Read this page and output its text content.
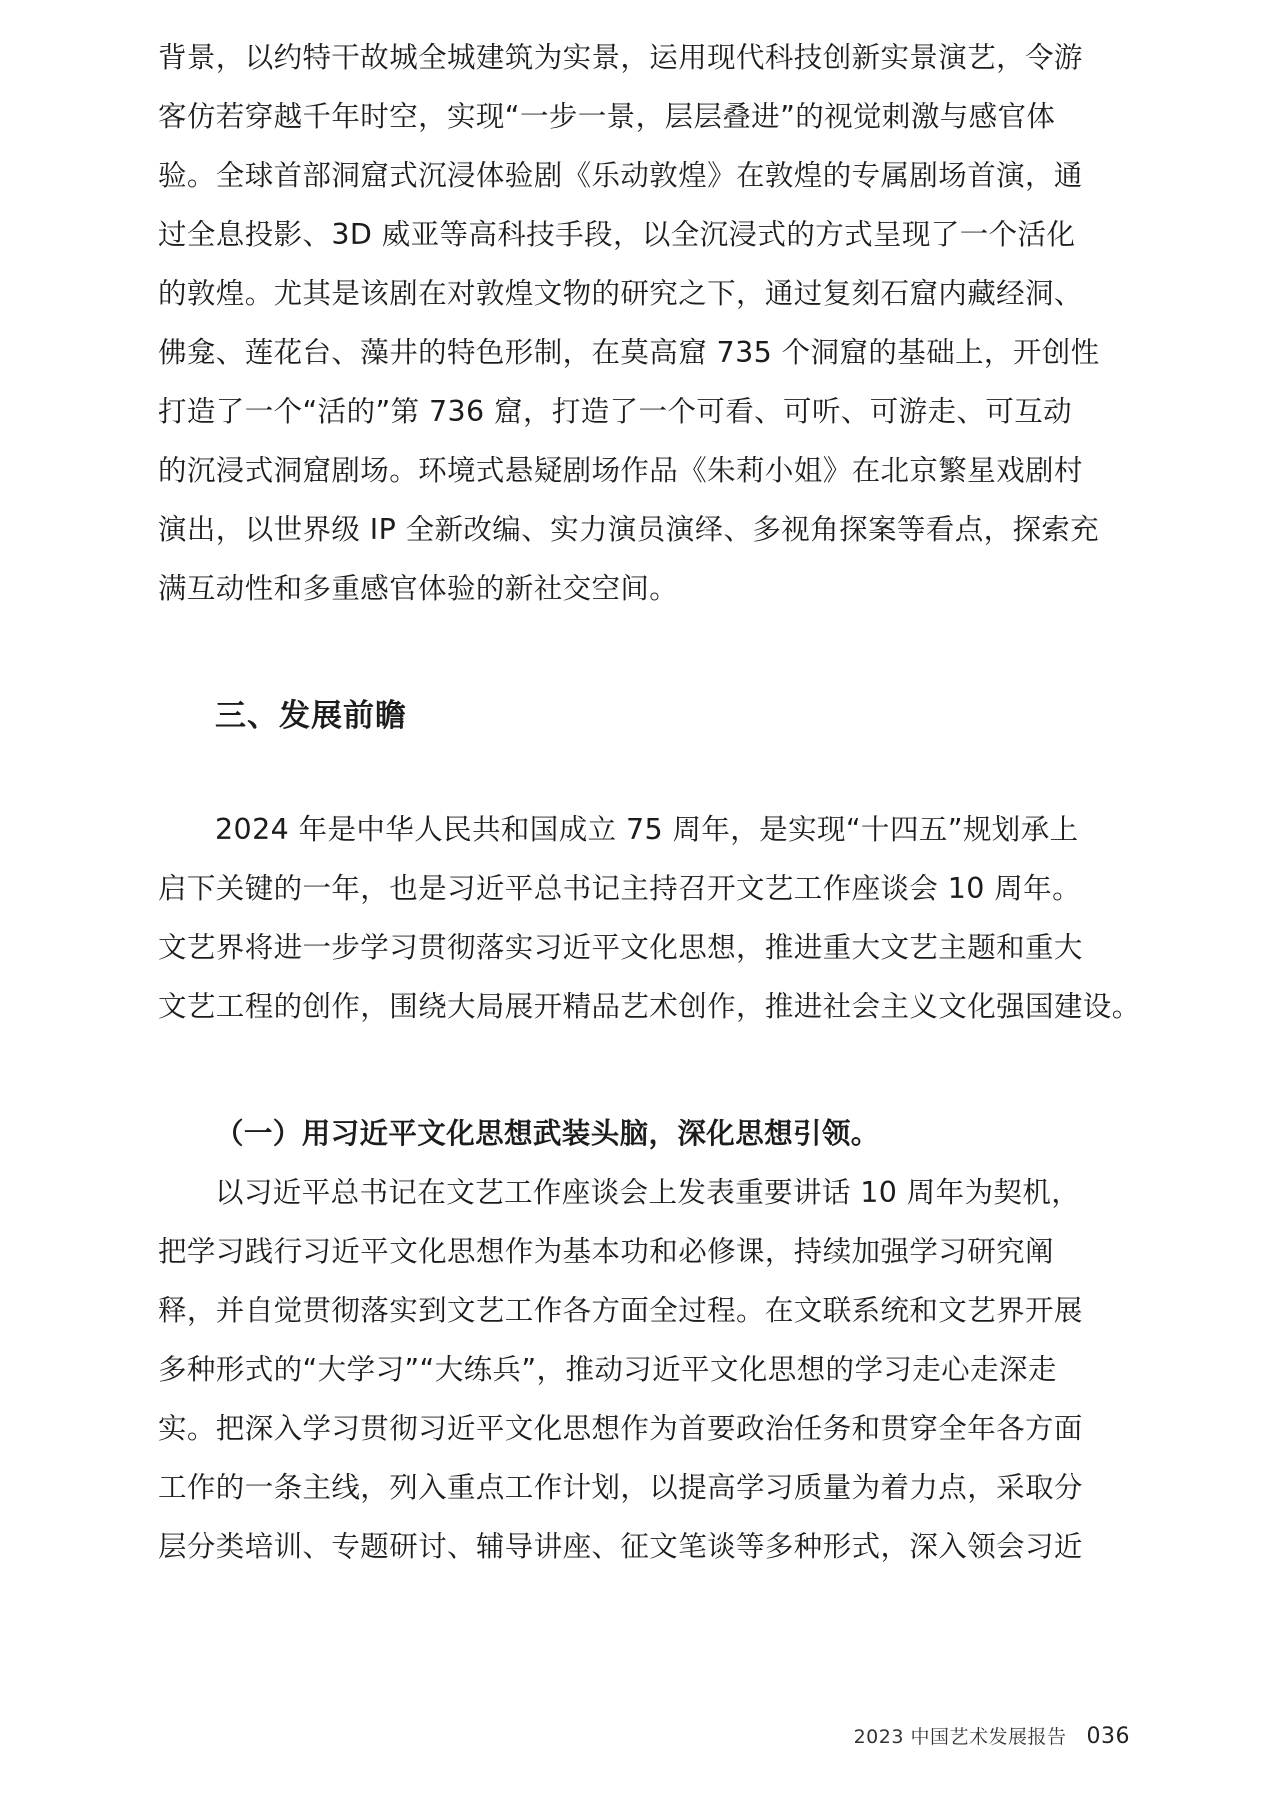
背景，以约特干故城全城建筑为实景，运用现代科技创新实景演艺，令游
客仿若穿越千年时空，实现“一步一景，层层叠进”的视觉刺激与感官体
验。全球首部洞窟式沉浸体验剧《乐动敦煌》在敦煌的专属剧场首演，通
过全息投影、3D 威亚等高科技手段，以全沉浸式的方式呈现了一个活化
的敦煌。尤其是该剧在对敦煌文物的研究之下，通过复刻石窟内藏经洞、
佛龛、莲花台、藻井的特色形制，在莫高窟 735 个洞窟的基础上，开创性
打造了一个“活的”第 736 窟，打造了一个可看、可听、可游走、可互动
的沉浸式洞窟剧场。环境式悬疑剧场作品《朱莉小姐》在北京繁星戏剧村
演出，以世界级 IP 全新改编、实力演员演绎、多视角探案等看点，探索充
满互动性和多重感官体验的新社交空间。

三、发展前瞻

2024 年是中华人民共和国成立 75 周年，是实现“十四五”规划承上
启下关键的一年，也是习近平总书记主持召开文艺工作座谈会 10 周年。
文艺界将进一步学习贯彻落实习近平文化思想，推进重大文艺主题和重大
文艺工程的创作，围绕大局展开精品艺术创作，推进社会主义文化强国建设。

（一）用习近平文化思想武装头脑，深化思想引领。

以习近平总书记在文艺工作座谈会上发表重要讲话 10 周年为契机，
把学习践行习近平文化思想作为基本功和必修课，持续加强学习研究阐
释，并自觉贯彻落实到文艺工作各方面全过程。在文联系统和文艺界开展
多种形式的“大学习”“大练兵”，推动习近平文化思想的学习走心走深走
实。把深入学习贯彻习近平文化思想作为首要政治任务和贯穿全年各方面
工作的一条主线，列入重点工作计划，以提高学习质量为着力点，采取分
层分类培训、专题研讨、辅导讲座、征文笔谈等多种形式，深入领会习近

2023 中国艺术发展报告 036
